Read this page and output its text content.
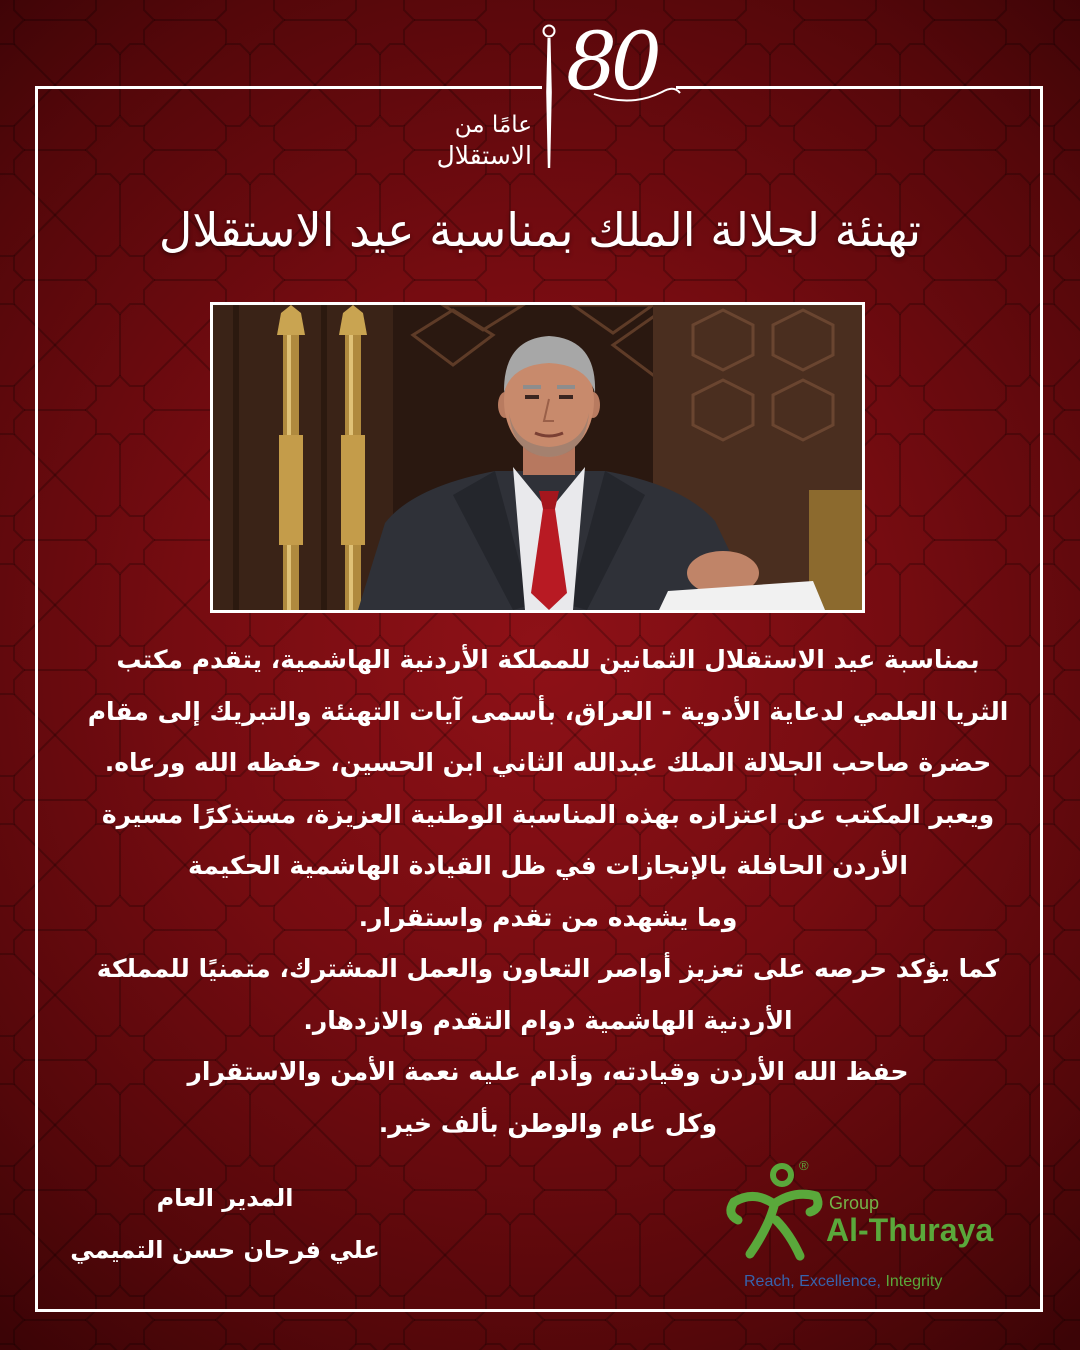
80
عامًا من
الاستقلال
تهنئة لجلالة الملك بمناسبة عيد الاستقلال
بمناسبة عيد الاستقلال الثمانين للمملكة الأردنية الهاشمية، يتقدم مكتب
الثريا العلمي لدعاية الأدوية - العراق، بأسمى آيات التهنئة والتبريك إلى مقام
حضرة صاحب الجلالة الملك عبدالله الثاني ابن الحسين، حفظه الله ورعاه.
ويعبر المكتب عن اعتزازه بهذه المناسبة الوطنية العزيزة، مستذكرًا مسيرة
الأردن الحافلة بالإنجازات في ظل القيادة الهاشمية الحكيمة
وما يشهده من تقدم واستقرار.
كما يؤكد حرصه على تعزيز أواصر التعاون والعمل المشترك، متمنيًا للمملكة
الأردنية الهاشمية دوام التقدم والازدهار.
حفظ الله الأردن وقيادته، وأدام عليه نعمة الأمن والاستقرار
وكل عام والوطن بألف خير.
المدير العام
علي فرحان حسن التميمي
®
Group
Al-Thuraya
Reach, Excellence, Integrity
